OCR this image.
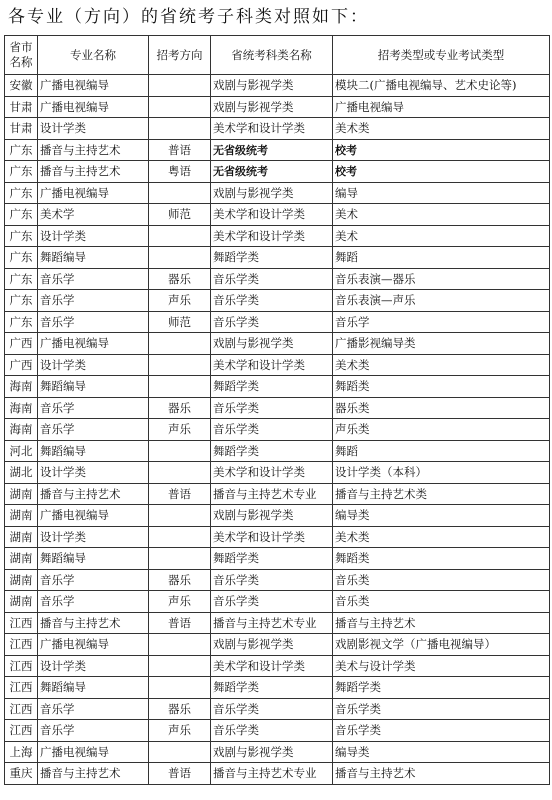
各专业（方向）的省统考子科类对照如下：
省市名称	专业名称	招考方向	省统考科类名称	招考类型或专业考试类型
安徽	广播电视编导		戏剧与影视学类	模块二(广播电视编导、艺术史论等)
甘肃	广播电视编导		戏剧与影视学类	广播电视编导
甘肃	设计学类		美术学和设计学类	美术类
广东	播音与主持艺术	普语	无省级统考	校考
广东	播音与主持艺术	粤语	无省级统考	校考
广东	广播电视编导		戏剧与影视学类	编导
广东	美术学	师范	美术学和设计学类	美术
广东	设计学类		美术学和设计学类	美术
广东	舞蹈编导		舞蹈学类	舞蹈
广东	音乐学	器乐	音乐学类	音乐表演—器乐
广东	音乐学	声乐	音乐学类	音乐表演—声乐
广东	音乐学	师范	音乐学类	音乐学
广西	广播电视编导		戏剧与影视学类	广播影视编导类
广西	设计学类		美术学和设计学类	美术类
海南	舞蹈编导		舞蹈学类	舞蹈类
海南	音乐学	器乐	音乐学类	器乐类
海南	音乐学	声乐	音乐学类	声乐类
河北	舞蹈编导		舞蹈学类	舞蹈
湖北	设计学类		美术学和设计学类	设计学类（本科）
湖南	播音与主持艺术	普语	播音与主持艺术专业	播音与主持艺术类
湖南	广播电视编导		戏剧与影视学类	编导类
湖南	设计学类		美术学和设计学类	美术类
湖南	舞蹈编导		舞蹈学类	舞蹈类
湖南	音乐学	器乐	音乐学类	音乐类
湖南	音乐学	声乐	音乐学类	音乐类
江西	播音与主持艺术	普语	播音与主持艺术专业	播音与主持艺术
江西	广播电视编导		戏剧与影视学类	戏剧影视文学（广播电视编导）
江西	设计学类		美术学和设计学类	美术与设计学类
江西	舞蹈编导		舞蹈学类	舞蹈学类
江西	音乐学	器乐	音乐学类	音乐学类
江西	音乐学	声乐	音乐学类	音乐学类
上海	广播电视编导		戏剧与影视学类	编导类
重庆	播音与主持艺术	普语	播音与主持艺术专业	播音与主持艺术
